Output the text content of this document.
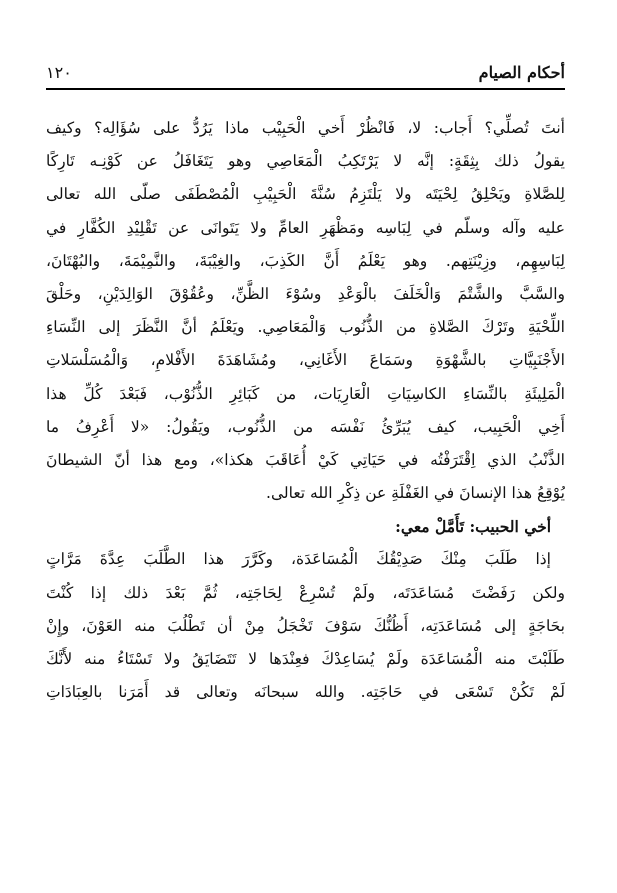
أحكام الصيام
١٢٠
أنتَ تُصلِّي؟ أَجاب: لا، فَانْظُرْ أَخي الْحَبِيْب ماذا يَرُدُّ على سُؤَالِه؟ وكيف
يقولُ ذلك بِثِقَةٍ: إنَّه لا يَرْتَكِبُ الْمَعَاصِي وهو يَتَغَافَلُ عن كَوْنِـه تَارِكًا
لِلصَّلاةِ ويَحْلِقُ لِحْيَتَه ولا يَلْتَزِمُ سُنَّةَ الْحَبِيْبِ الْمُصْطَفَى صلّى الله تعالى
عليه وآله وسلّم في لِبَاسِه ومَظْهَرِ العامِّ ولا يَتَوانَى عن تَقْلِيْدِ الكُفَّارِ في
لِبَاسِهِم، وزِيْنَتِهم. وهو يَعْلَمُ أَنَّ الكَذِبَ، والغِيْبَةَ، والنَّمِيْمَةَ، والبُهْتَانَ،
والسَّبَّ والشَّتْمَ وَالْخَلَفَ بالْوَعْدِ وسُوْءَ الظَّنِّ، وعُقُوْقَ الوَالِدَيْنِ، وحَلْقَ
اللِّحْيَةِ وتَرْكَ الصَّلاةِ من الذُّنُوب وَالْمَعَاصِي. ويَعْلَمُ أنَّ النَّظَرَ إلى النِّسَاءِ
الأَجْنَبِيَّاتِ بالشَّهْوَةِ وسَمَاعَ الأَغَانِي، ومُشَاهَدَةَ الأَفْلامِ، وَالْمُسَلْسَلاتِ
الْمَلِيئَةِ بالنِّسَاءِ الكاسِيَاتِ الْعَارِيَات، من كَبَائِرِ الذُّنُوْب، فَبَعْدَ كُلِّ هذا
أَخِي الْحَبِيب، كيف يُبَرِّئُ نَفْسَه من الذُّنُوب، ويَقُولُ: «لا أَعْرِفُ ما
الذَّنْبُ الذي اِقْتَرَفْتُه في حَيَاتِي كَيْ أُعَاقَبَ هكذا»، ومع هذا أنّ الشيطانَ
يُوْقِعُ هذا الإنسانَ في الغَفْلَةِ عن ذِكْرِ الله تعالى.
أخي الحبيب: تَأَمَّلْ معي:
إذا طَلَبَ مِنْكَ صَدِيْقُكَ الْمُسَاعَدَة، وكَرَّرَ هذا الطَّلَبَ عِدَّةَ مَرَّاتٍ
ولكن رَفَضْتَ مُسَاعَدَتَه، ولَمْ تُسْرِعْ لِحَاجَتِه، ثُمَّ بَعْدَ ذلك إذا كُنْتَ
بحَاجَةٍ إلى مُسَاعَدَتِه، أَظُنُّكَ سَوْفَ تَخْجَلُ مِنْ أن تَطْلُبَ منه العَوْنَ، وإِنْ
طَلَبْتَ منه الْمُسَاعَدَة ولَمْ يُسَاعِدْكَ فعِنْدَها لا تَتَضَايَقُ ولا تَسْتَاءُ منه لأَنَّكَ
لَمْ تَكُنْ تَسْعَى في حَاجَتِه. والله سبحانَه وتعالى قد أَمَرَنا بالعِبَادَاتِ
